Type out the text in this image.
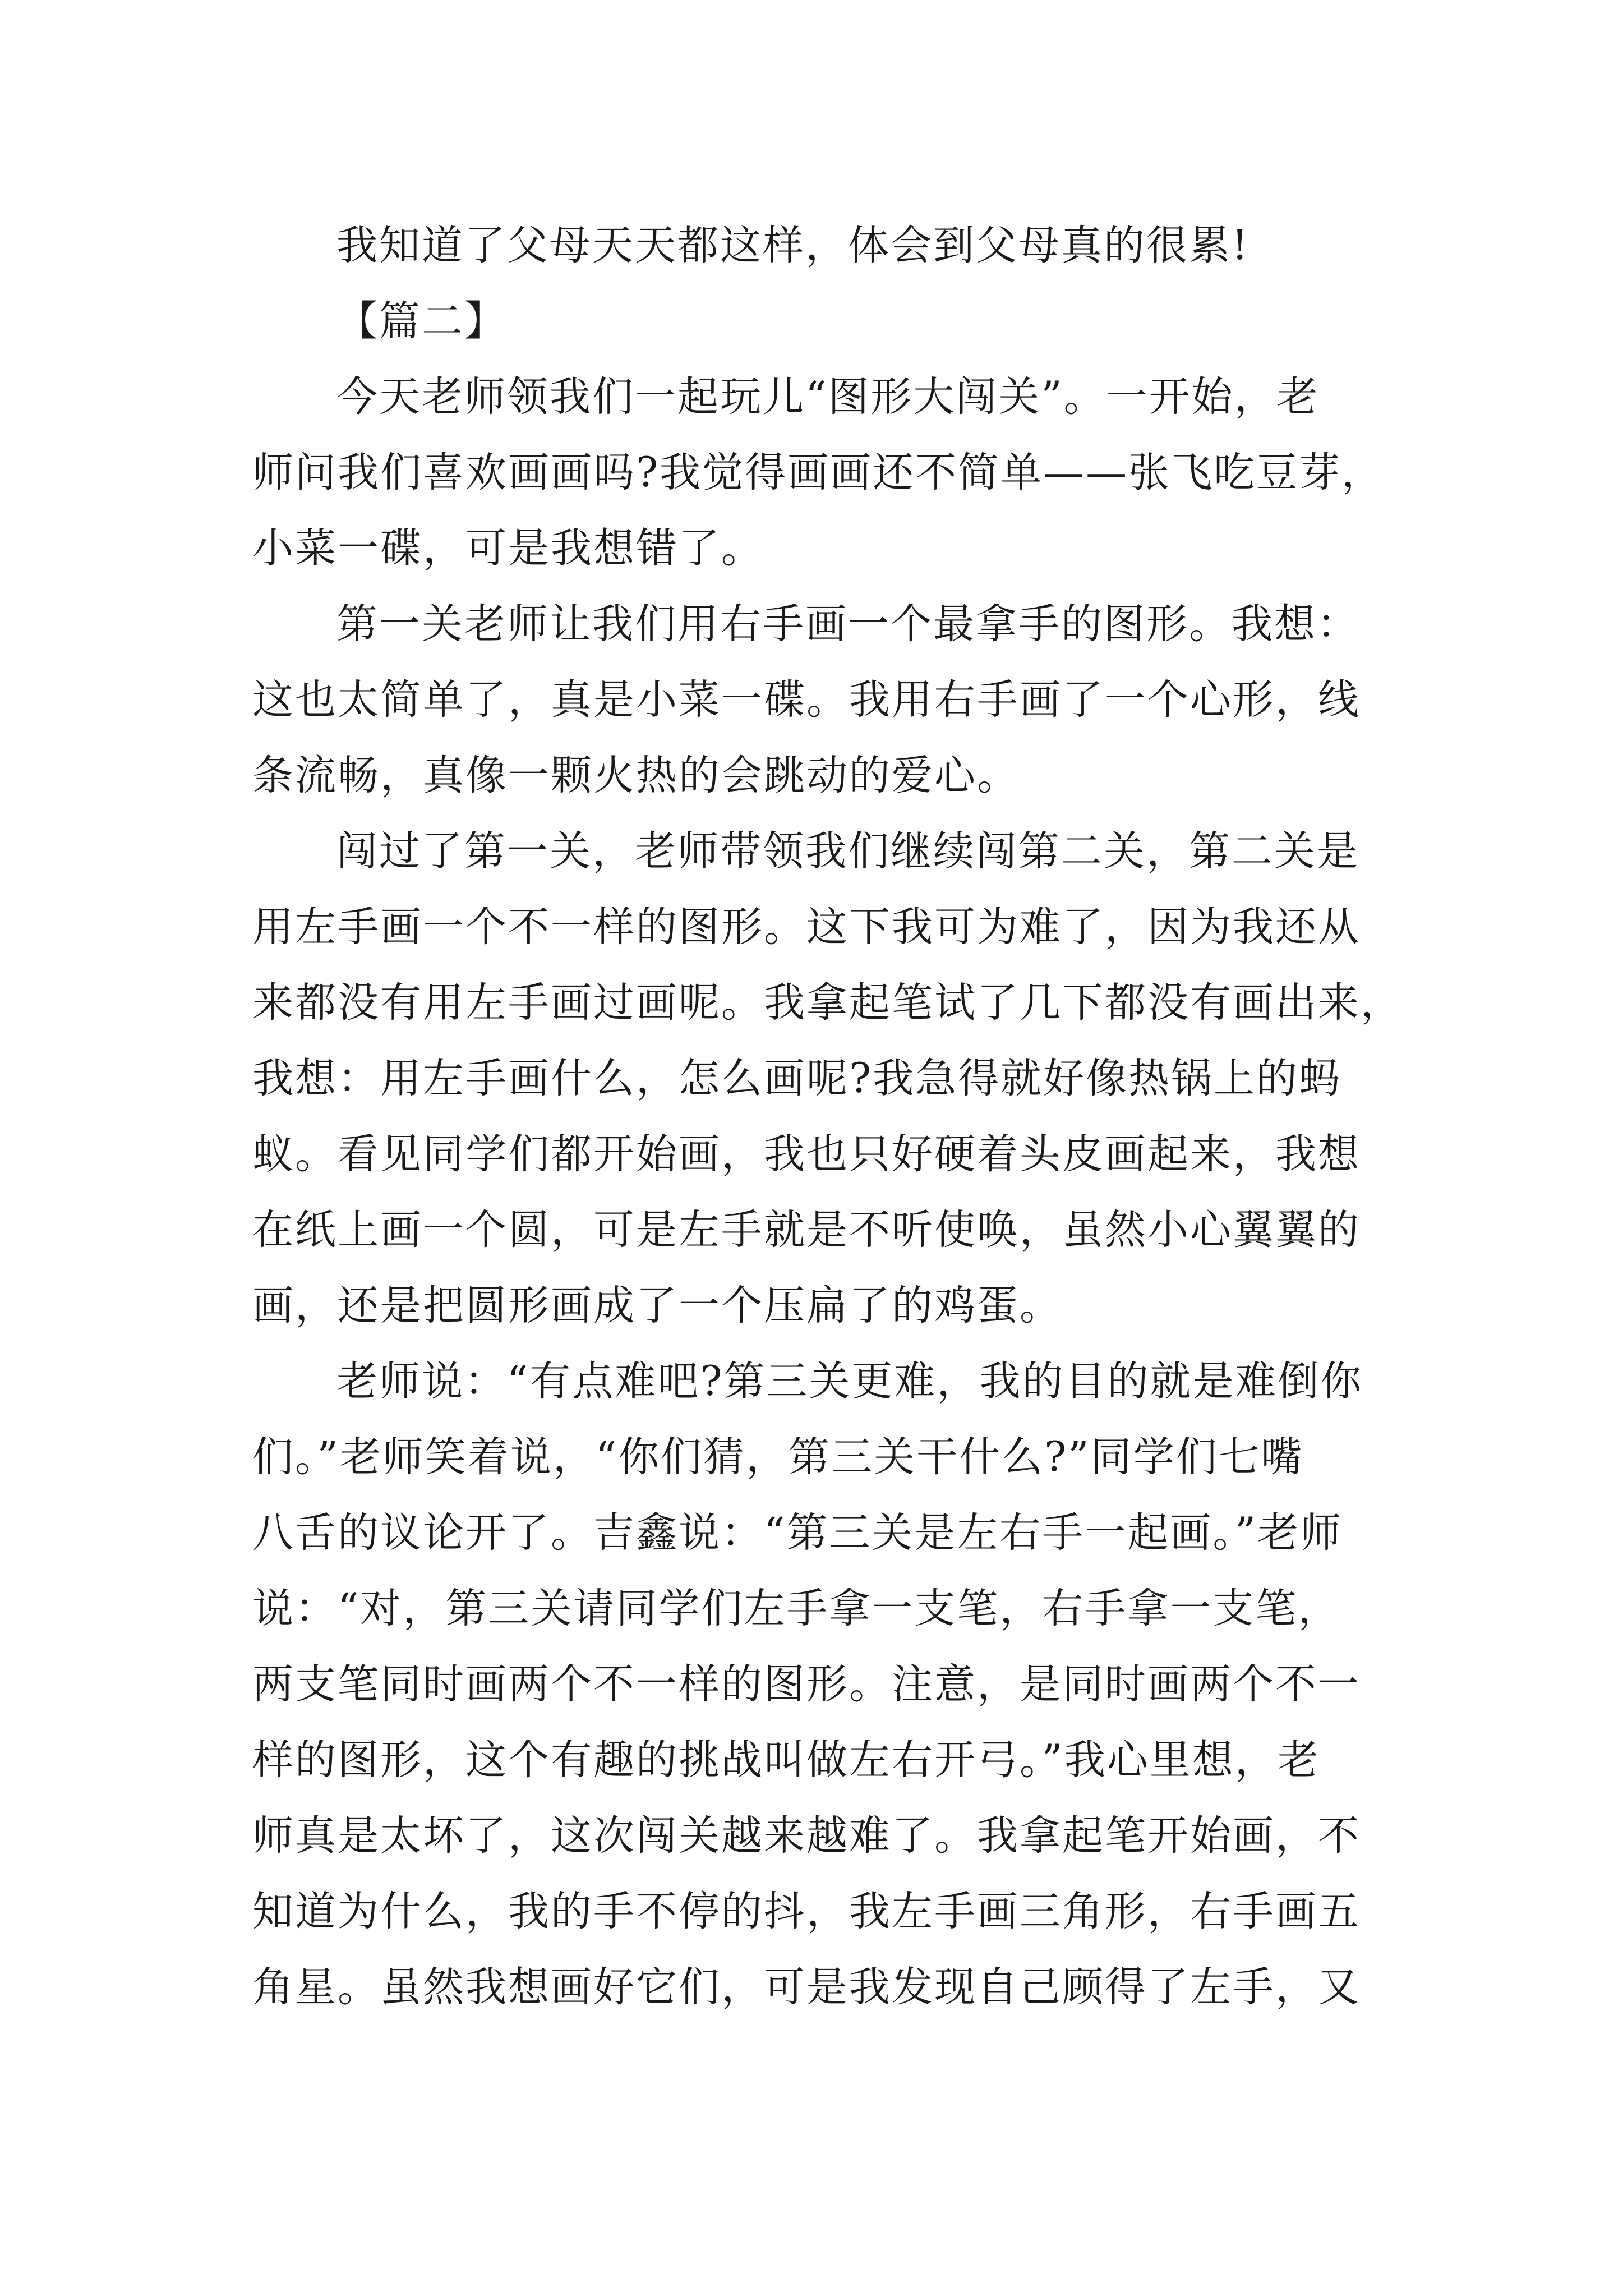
我知道了父母天天都这样，体会到父母真的很累!

【篇二】

今天老师领我们一起玩儿“图形大闯关”。一开始，老
师问我们喜欢画画吗?我觉得画画还不简单——张飞吃豆芽，
小菜一碟，可是我想错了。

第一关老师让我们用右手画一个最拿手的图形。我想：
这也太简单了，真是小菜一碟。我用右手画了一个心形，线
条流畅，真像一颗火热的会跳动的爱心。

闯过了第一关，老师带领我们继续闯第二关，第二关是
用左手画一个不一样的图形。这下我可为难了，因为我还从
来都没有用左手画过画呢。我拿起笔试了几下都没有画出来，
我想：用左手画什么，怎么画呢?我急得就好像热锅上的蚂
蚁。看见同学们都开始画，我也只好硬着头皮画起来，我想
在纸上画一个圆，可是左手就是不听使唤，虽然小心翼翼的
画，还是把圆形画成了一个压扁了的鸡蛋。

老师说：“有点难吧?第三关更难，我的目的就是难倒你
们。”老师笑着说，“你们猜，第三关干什么?”同学们七嘴
八舌的议论开了。吉鑫说：“第三关是左右手一起画。”老师
说：“对，第三关请同学们左手拿一支笔，右手拿一支笔，
两支笔同时画两个不一样的图形。注意，是同时画两个不一
样的图形，这个有趣的挑战叫做左右开弓。”我心里想，老
师真是太坏了，这次闯关越来越难了。我拿起笔开始画，不
知道为什么，我的手不停的抖，我左手画三角形，右手画五
角星。虽然我想画好它们，可是我发现自己顾得了左手，又
